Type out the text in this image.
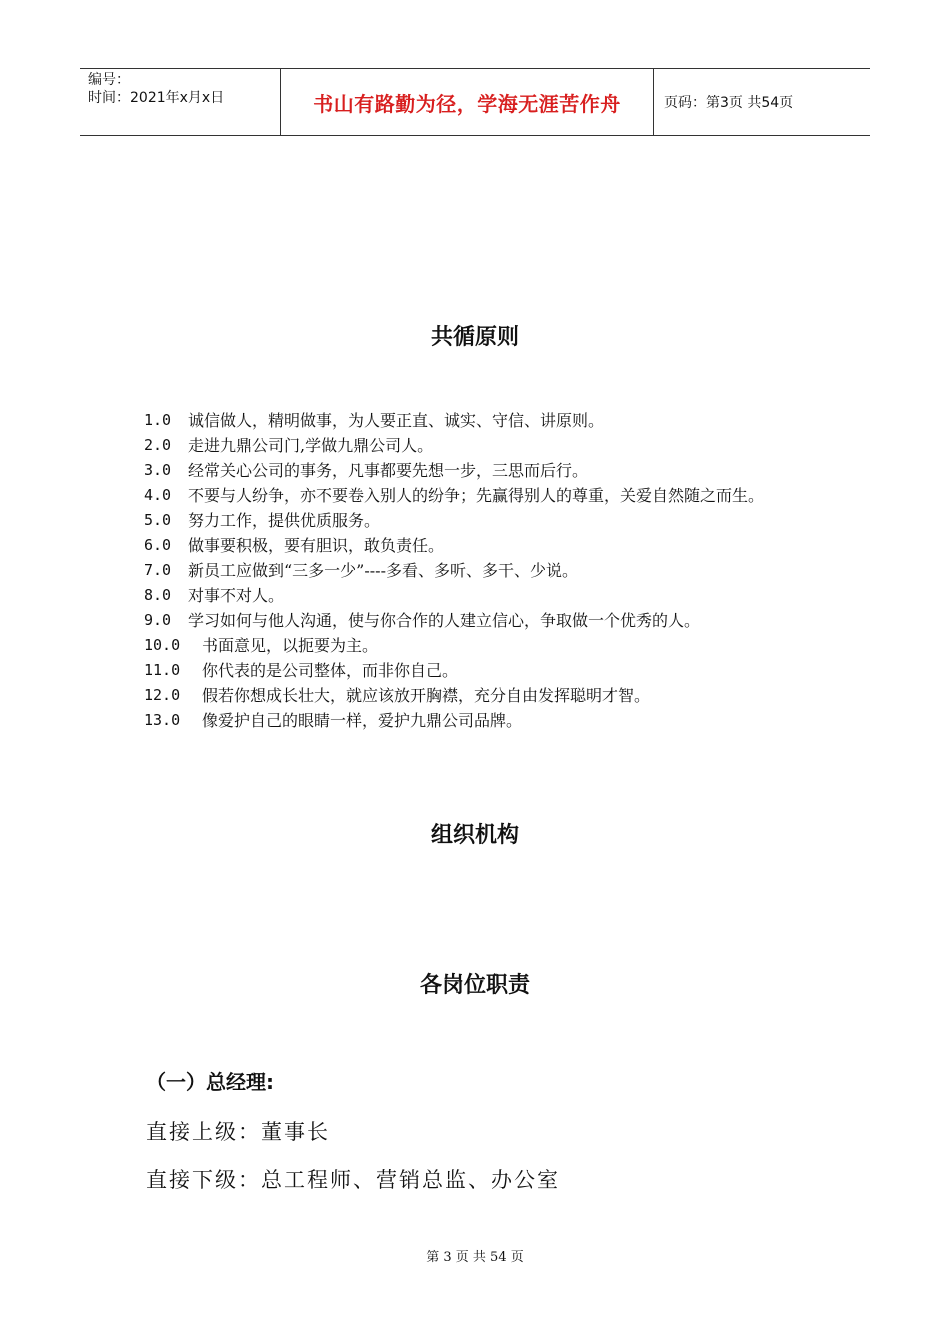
编号：
时间：2021年x月x日	书山有路勤为径，学海无涯苦作舟	页码：第3页 共54页
共循原则
1.0	诚信做人，精明做事，为人要正直、诚实、守信、讲原则。
2.0	走进九鼎公司门,学做九鼎公司人。
3.0	经常关心公司的事务，凡事都要先想一步，三思而后行。
4.0	不要与人纷争，亦不要卷入别人的纷争；先赢得别人的尊重，关爱自然随之而生。
5.0	努力工作，提供优质服务。
6.0	做事要积极，要有胆识，敢负责任。
7.0	新员工应做到“三多一少”----多看、多听、多干、少说。
8.0	对事不对人。
9.0	学习如何与他人沟通，使与你合作的人建立信心，争取做一个优秀的人。
10.0	书面意见，以扼要为主。
11.0	你代表的是公司整体，而非你自己。
12.0	假若你想成长壮大，就应该放开胸襟，充分自由发挥聪明才智。
13.0	像爱护自己的眼睛一样，爱护九鼎公司品牌。
组织机构
各岗位职责
（一）总经理:
直接上级：董事长
直接下级：总工程师、营销总监、办公室
第 3 页 共 54 页
